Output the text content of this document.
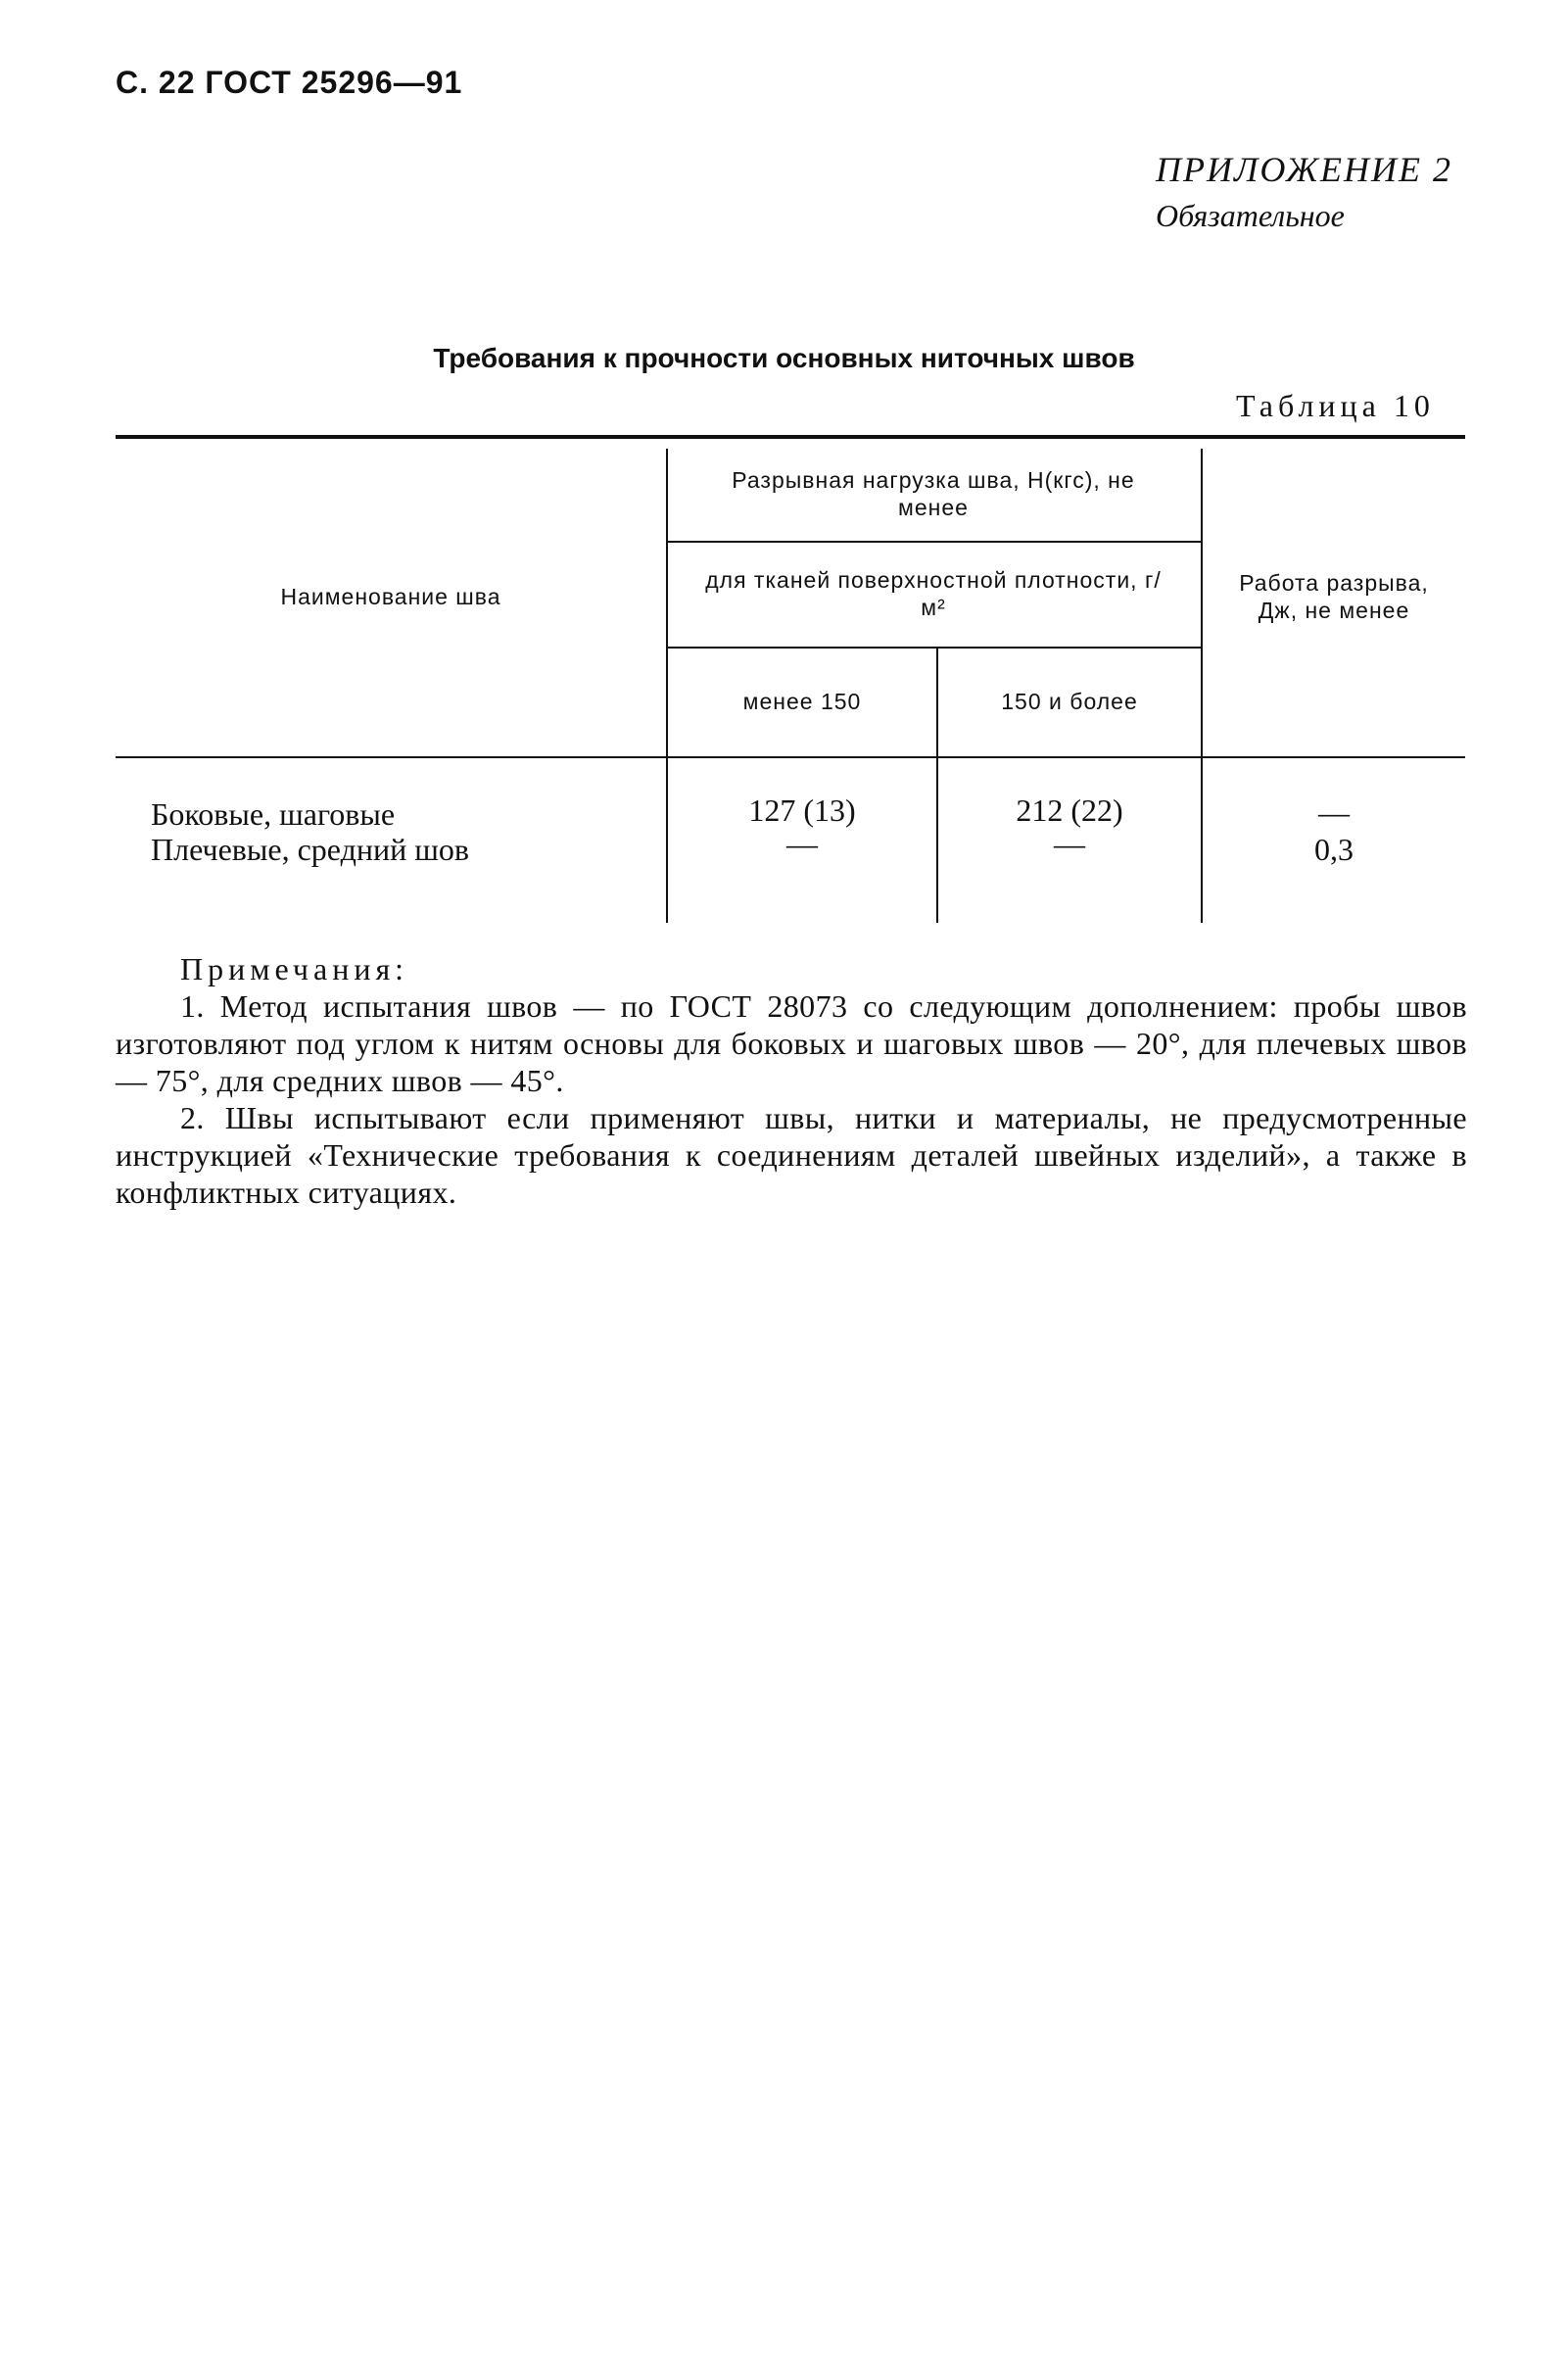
С. 22 ГОСТ 25296—91
ПРИЛОЖЕНИЕ 2
Обязательное
Требования к прочности основных ниточных швов
Таблица 10
Наименование шва
Разрывная нагрузка шва, Н(кгс), не менее
для тканей поверхностной плотности, г/м²
менее 150	150 и более
Работа разрыва, Дж, не менее
Боковые, шаговые	127 (13)	212 (22)	—
Плечевые, средний шов	—	—	0,3
Примечания:

1. Метод испытания швов — по ГОСТ 28073 со следующим дополнением: пробы швов изготовляют под углом к нитям основы для боковых и шаговых швов — 20°, для плечевых швов — 75°, для средних швов — 45°.

2. Швы испытывают если применяют швы, нитки и материалы, не предусмотренные инструкцией «Технические требования к соединениям деталей швейных изделий», а также в конфликтных ситуациях.
